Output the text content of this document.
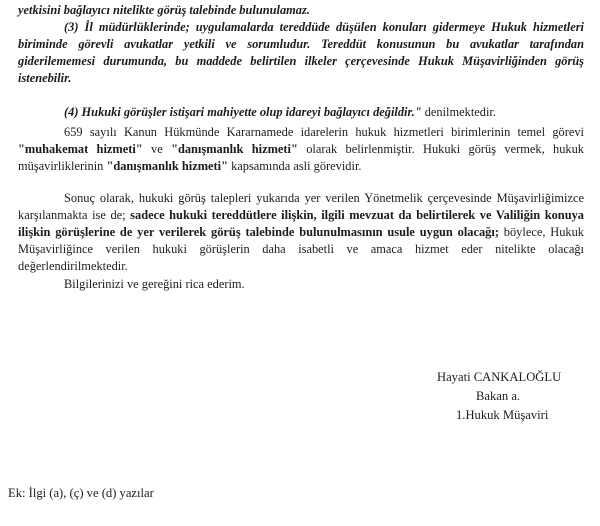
yetkisini bağlayıcı nitelikte görüş talebinde bulunulamaz.
(3) İl müdürlüklerinde; uygulamalarda tereddüde düşülen konuları gidermeye Hukuk hizmetleri biriminde görevli avukatlar yetkili ve sorumludur. Tereddüt konusunun bu avukatlar tarafından giderilememesi durumunda, bu maddede belirtilen ilkeler çerçevesinde Hukuk Müşavirliğinden görüş istenebilir.
(4) Hukuki görüşler istişari mahiyette olup idareyi bağlayıcı değildir." denilmektedir.
659 sayılı Kanun Hükmünde Kararnamede idarelerin hukuk hizmetleri birimlerinin temel görevi "muhakemat hizmeti" ve "danışmanlık hizmeti" olarak belirlenmiştir. Hukuki görüş vermek, hukuk müşavirliklerinin "danışmanlık hizmeti" kapsamında asli görevidir.
Sonuç olarak, hukuki görüş talepleri yukarıda yer verilen Yönetmelik çerçevesinde Müşavirliğimizce karşılanmakta ise de; sadece hukuki tereddütlere ilişkin, ilgili mevzuat da belirtilerek ve Valiliğin konuya ilişkin görüşlerine de yer verilerek görüş talebinde bulunulmasının usule uygun olacağı; böylece, Hukuk Müşavirliğince verilen hukuki görüşlerin daha isabetli ve amaca hizmet eder nitelikte olacağı değerlendirilmektedir.
Bilgilerinizi ve gereğini rica ederim.
Hayati CANKALOĞLU
Bakan a.
1.Hukuk Müşaviri
Ek: İlgi (a), (ç) ve (d) yazılar
